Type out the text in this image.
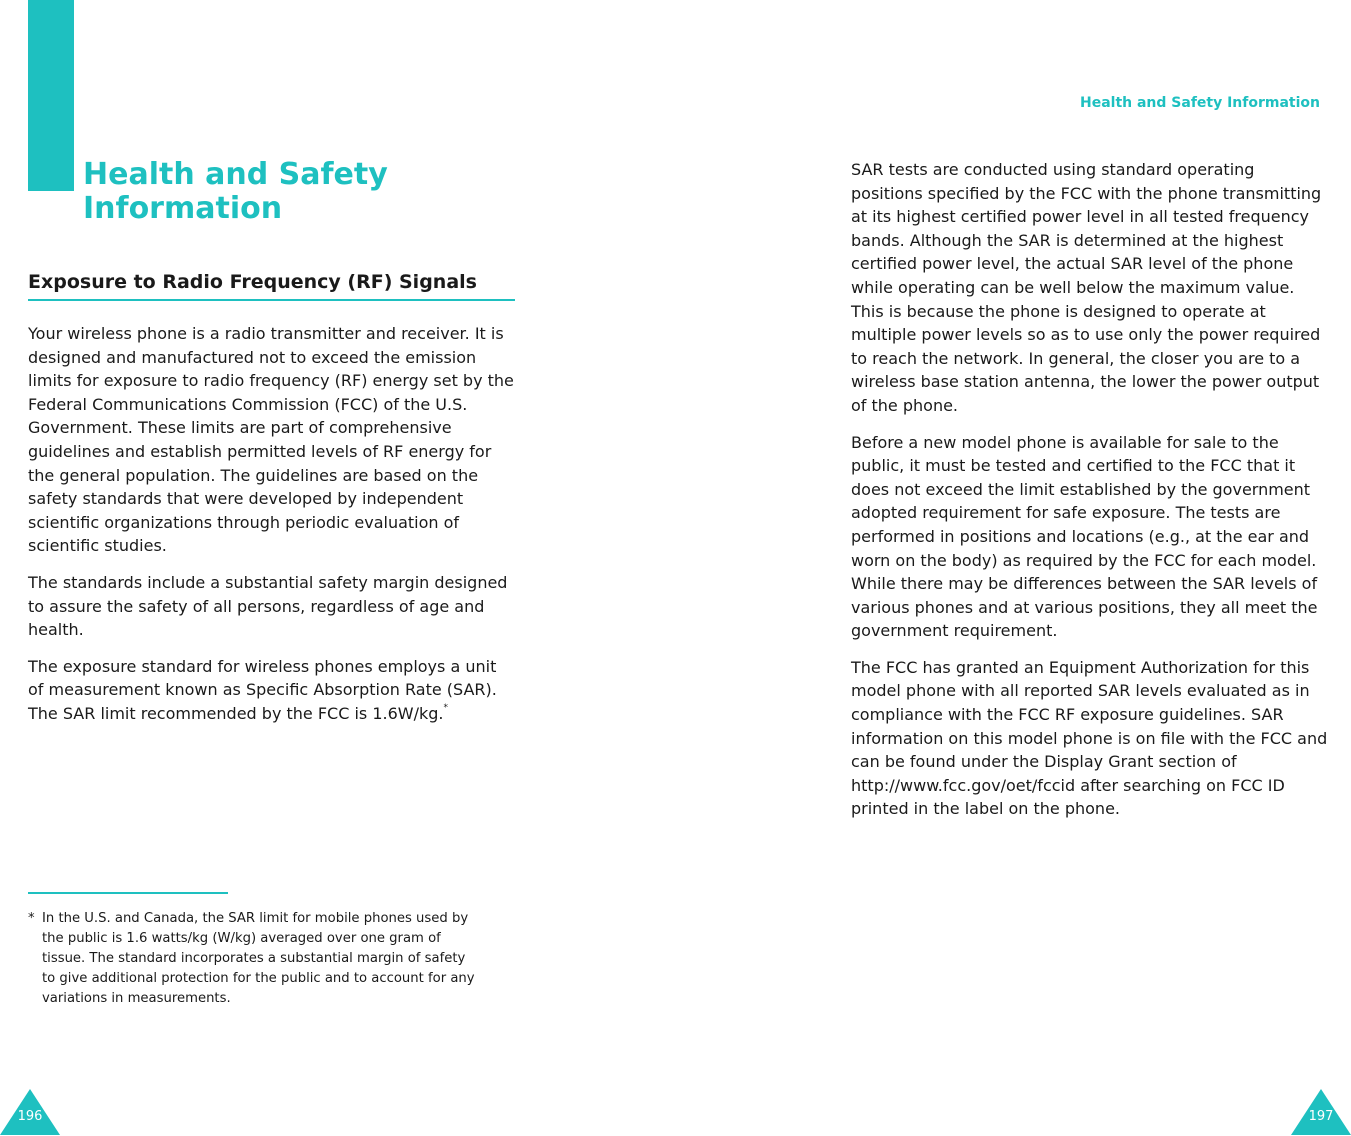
Health and Safety Information
Exposure to Radio Frequency (RF) Signals

Your wireless phone is a radio transmitter and receiver. It is designed and manufactured not to exceed the emission limits for exposure to radio frequency (RF) energy set by the Federal Communications Commission (FCC) of the U.S. Government. These limits are part of comprehensive guidelines and establish permitted levels of RF energy for the general population. The guidelines are based on the safety standards that were developed by independent scientific organizations through periodic evaluation of scientific studies.

The standards include a substantial safety margin designed to assure the safety of all persons, regardless of age and health.

The exposure standard for wireless phones employs a unit of measurement known as Specific Absorption Rate (SAR). The SAR limit recommended by the FCC is 1.6W/kg.*

* In the U.S. and Canada, the SAR limit for mobile phones used by the public is 1.6 watts/kg (W/kg) averaged over one gram of tissue. The standard incorporates a substantial margin of safety to give additional protection for the public and to account for any variations in measurements.
196
Health and Safety Information

SAR tests are conducted using standard operating positions specified by the FCC with the phone transmitting at its highest certified power level in all tested frequency bands. Although the SAR is determined at the highest certified power level, the actual SAR level of the phone while operating can be well below the maximum value. This is because the phone is designed to operate at multiple power levels so as to use only the power required to reach the network. In general, the closer you are to a wireless base station antenna, the lower the power output of the phone.

Before a new model phone is available for sale to the public, it must be tested and certified to the FCC that it does not exceed the limit established by the government adopted requirement for safe exposure. The tests are performed in positions and locations (e.g., at the ear and worn on the body) as required by the FCC for each model. While there may be differences between the SAR levels of various phones and at various positions, they all meet the government requirement.

The FCC has granted an Equipment Authorization for this model phone with all reported SAR levels evaluated as in compliance with the FCC RF exposure guidelines. SAR information on this model phone is on file with the FCC and can be found under the Display Grant section of http://www.fcc.gov/oet/fccid after searching on FCC ID printed in the label on the phone.

197
